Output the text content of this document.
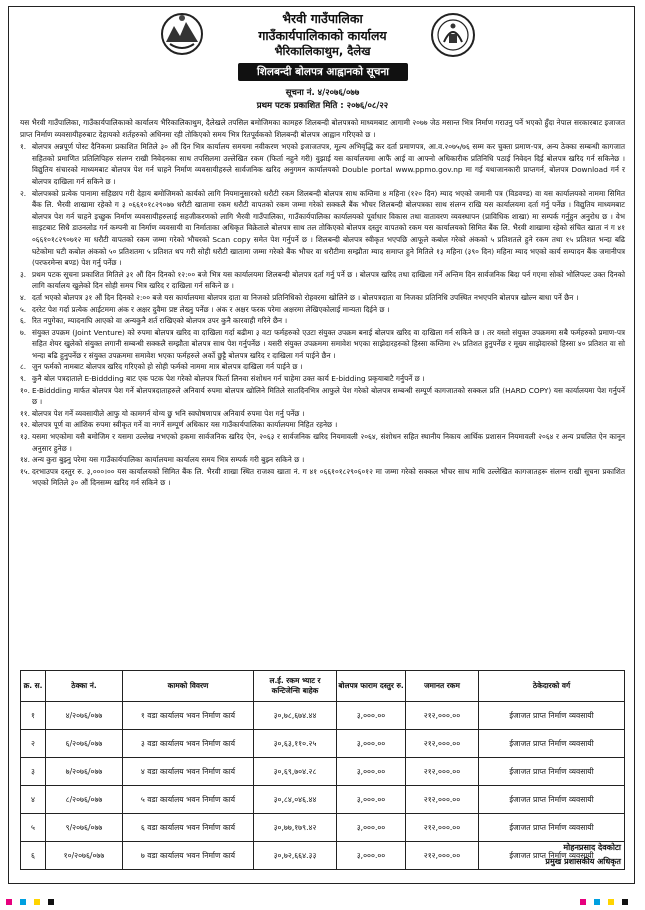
भैरवी गाउँपालिका
गाउँकार्यपालिकाको कार्यालय
भैरिकालिकाथुम, दैलेख
शिलबन्दी बोलपत्र आह्वानको सूचना
सूचना नं. ४/२०७६/०७७
प्रथम पटक प्रकाशित मिति : २०७६/०८/२२

यस भैरवी गाउँपालिका, गाउँकार्यपालिकाको कार्यालय भैरिकालिकाथुम, दैलेखले तपसिल बमोजिमका कामहरु शिलबन्दी बोलपत्रको माध्यमबाट आगामी २०७७ जेठ मसान्त भित्र निर्माण गराउनु पर्ने भएको हुँदा नेपाल सरकारबाट इजाजत प्राप्त निर्माण व्यवसायीहरुबाट देहायको शर्तहरुको अधिनमा रही तोकिएको समय भित्र रितपूर्वकको शिलबन्दी बोलपत्र आह्वान गरिएको छ ।

१. बोलपत्र अन्नपूर्ण पोस्ट दैनिकमा प्रकाशित मितिले ३० औं दिन भित्र कार्यालय समयमा नवीकरण भएको इजाजतपत्र, मूल्य अभिवृद्धि कर दर्ता प्रमाणपत्र, आ.व.२०७५/७६ सम्म कर चुक्ता प्रमाण-पत्र, अन्य ठेक्का सम्बन्धी कागजात सहितको प्रमाणित प्रतिलिपिहरु संलग्न राखी निवेदनका साथ तपसिलमा उल्लेखित रकम (फिर्ता नहुने गरी) वुझाई यस कार्यालयमा आफैं आई वा आफ्नो अधिकारीक प्रतिनिधि पठाई निवेदन दिई बोलपत्र खरिद गर्न सकिनेछ । विद्युतिय संचारको माध्यमबाट बोलपत्र पेश गर्न चाहने निर्माण व्यवसायीहरुले सार्वजनिक खरिद अनुगमन कार्यालयको Double portal www.ppmo.gov.np मा गई यथाजानकारी प्राप्तगर्न, बोलपत्र Download गर्न र बोलपत्र दाखिला गर्न सकिने छ ।
२. बोलपत्रको प्रत्येक पानामा सहिछाप गरी देहाय बमोजिमको कार्यको लागि नियमानुसारको धरौटी रकम शिलबन्दी बोलपत्र साथ कम्तिमा ४ महिना (१२० दिन) म्याद भएको जमानी पत्र (विडवण्ड) वा यस कार्यालयको नाममा सिमित बैंक लि. भैरवी शाखामा रहेको ग ३ ०६६१०१८२९०७७ धरौटी खातामा रकम धरौटी वापतको रकम जम्मा गरेको सक्कलै बैंक भौचर शिलबन्दी बोलपत्रका साथ संलग्न राखि यस कार्यालयमा दर्ता गर्नु पर्नेछ । विद्युतिय माध्यमबाट बोलपत्र पेश गर्न चाहने इच्छुक निर्माण व्यवसायीहरुलाई सहजीकरणको लागि भैरवी गाउँपालिका, गाउँकार्यपालिका कार्यालयको पूर्वाधार विकास तथा वातावरण व्यवस्थापन (प्राविधिक शाखा) मा सम्पर्क गर्नुहुन अनुरोध छ । वेभ साइटबाट सिधै डाउनलोड गर्न कम्पनी वा निर्माण व्यवसायी वा निर्माताका अधिकृत विक्रेताले बोलपत्र साथ तल तोकिएको बोलपत्र दस्तुर वापतको रकम यस कार्यालयको सिमित बैंक लि. भैरवी शाखामा रहेको संचित खाता नं ग ४१ ०६६१०१८२९०७१२ मा धरौटी वापतको रकम जम्मा गरेको भौचरको Scan copy समेत पेश गर्नुपर्ने छ । शिलबन्दी बोलपत्र स्वीकृत भएपछि आफूले कबोल गरेको अंकको ५ प्रतिशतले हुने रकम तथा १५ प्रतिशत भन्दा बढि घटेकोमा घटी कबोल अंकको ५० प्रतिशतमा ५ प्रतिशत थप गरी सोही धरौटी खातामा जम्मा गरेको बैंक भौचर वा धरौटीमा सम्झौता म्याद समाप्त हुने मितिले १३ महिना (३९० दिन) महिना म्याद भएको कार्य सम्पादन बैंक जमानीपत्र (परफरमेन्स बण्ड) पेश गर्नु पर्नेछ ।
३. प्रथम पटक सूचना प्रकाशित मितिले ३१ औं दिन दिनको १२:०० बजे भित्र यस कार्यालयमा शिलबन्दी बोलपत्र दर्ता गर्नु पर्ने छ । बोलपत्र खरिद तथा दाखिला गर्ने अन्तिम दिन सार्वजनिक बिदा पर्न गएमा सोको भोलिपल्ट उक्त दिनको लागि कार्यालय खुलेको दिन सोही समय भित्र खरिद र दाखिला गर्न सकिने छ ।
४. दर्ता भएको बोलपत्र ३१ औं दिन दिनको २:०० बजे यस कार्यालयमा बोलपत्र दाता वा निजको प्रतिनिधिको रोहवरमा खोलिने छ । बोलपत्रदाता वा निजका प्रतिनिधि उपस्थित नभएपनि बोलपत्र खोल्न बाधा पर्ने छैन ।
५. दररेट पेश गर्दा प्रत्येक आईटममा अंक र अक्षर दुवैमा प्रष्ट लेख्नु पर्नेछ । अंक र अक्षर फरक परेमा अक्षरमा लेखिएकोलाई मान्यता दिईने छ ।
६. रित नपुगेका, म्यादनाघि आएको वा अन्यकुनै शर्त राखिएको बोलपत्र उपर कुनै कारवाही गरिने छैन ।
७. संयुक्त उपक्रम (Joint Venture) को रुपमा बोलपत्र खरिद वा दाखिला गर्दा बढीमा ३ वटा फर्महरुको एउटा संयुक्त उपक्रम बनाई बोलपत्र खरिद वा दाखिला गर्न सकिने छ । तर यस्तो संयुक्त उपक्रममा सबै फर्महरुको प्रमाण-पत्र सहित शेयर खुलेको संयुक्त लगानी सम्बन्धी सक्कलै सम्झौता बोलपत्र साथ पेश गर्नुपर्नेछ । यसरी संयुक्त उपक्रममा समावेश भएका साझेदारहरुको हिस्सा कम्तिमा २५ प्रतिशत हुनुपर्नेछ र मूख्य साझेदारको हिस्सा ४० प्रतिशत वा सो भन्दा बढि हुनुपर्नेछ र संयुक्त उपक्रममा समावेश भएका फर्महरुले अर्को छुट्टै बोलपत्र खरिद र दाखिला गर्न पाईने छैन ।
८. जुन फर्मको नामबाट बोलपत्र खरिद गरिएको हो सोही फर्मको नाममा मात्र बोलपत्र दाखिला गर्न पाईने छ ।
९. कुनै बोल पत्रदाताले E-Biddding बाट एक पटक पेश गरेको बोलपत्र फिर्ता लिनवा संशोधन गर्न चाहेमा उक्त कार्य E-bidding प्रकृयाबाटै गर्नुपर्ने छ ।
१०. E-Biddding मार्फत बोलपत्र पेश गर्ने बोलपत्रदाताहरुले अनिवार्य रुपमा बोलपत्र खोलिने मितिले सातदिनभित्र आफुले पेश गरेको बोलपत्र सम्बन्धी सम्पूर्ण कागजातको सक्कल प्रति (HARD COPY) यस कार्यालयमा पेश गर्नुपर्ने छ ।
११. बोलपत्र पेश गर्ने व्यवसायीले आफु यो कामगर्न योग्य छु भनि स्वघोषणापत्र अनिवार्य रुपमा पेश गर्नु पर्नेछ ।
१२. बोलपत्र पूर्ण वा आंशिक रुपमा स्वीकृत गर्ने वा नगर्ने सम्पूर्ण अधिकार यस गाउँकार्यपालिका कार्यालयमा निहित रहनेछ ।
१३. यसमा भएकोमा यसै बमोजिम र यसमा उल्लेख नभएको हकमा सार्वजनिक खरिद ऐन, २०६३ र सार्वजनिक खरिद नियमावली २०६४, संशोधन सहित स्थानीय निकाय आर्थिक प्रशासन नियमावली २०६४ र अन्य प्रचलित ऐन कानून अनुसार हुनेछ ।
१४. अन्य कुरा बुझ्नु परेमा यस गाउँकार्यपालिका कार्यालयमा कार्यालय समय भित्र सम्पर्क गरी बुझ्न सकिने छ ।
१५. दरभाउपत्र दस्तुर रु. ३,०००।०० यस कार्यालयको सिमित बैंक लि. भैरवी शाखा स्थित राजश्व खाता नं. ग ४१ ०६६१०१८२९०६०१२ मा जम्मा गरेको सक्कल भौचर साथ माथि उल्लेखित कागजातहरू संलग्न राखी सूचना प्रकाशित भएको मितिले ३० औं दिनसम्म खरिद गर्न सकिने छ ।
क्र. स.	ठेक्का नं.	कामको विवरण	ल.ई. रकम भ्याट र कन्टिजेन्सि बाहेक	बोलपत्र फाराम दस्तुर रु.	जमानत रकम	ठेकेदारको वर्ग
१	४/२०७६/०७७	१ वडा कार्यालय भवन निर्माण कार्य	३०,७८,६७४.४४	३,०००.००	२१२,०००.००	ईजाजत प्राप्त निर्माण व्यवसायी
२	६/२०७६/०७७	३ वडा कार्यालय भवन निर्माण कार्य	३०,६३,११०.२५	३,०००.००	२१२,०००.००	ईजाजत प्राप्त निर्माण व्यवसायी
३	७/२०७६/०७७	४ वडा कार्यालय भवन निर्माण कार्य	३०,६९,७०४.२८	३,०००.००	२१२,०००.००	ईजाजत प्राप्त निर्माण व्यवसायी
४	८/२०७६/०७७	५ वडा कार्यालय भवन निर्माण कार्य	३०,८४,०४६.४४	३,०००.००	२१२,०००.००	ईजाजत प्राप्त निर्माण व्यवसायी
५	९/२०७६/०७७	६ वडा कार्यालय भवन निर्माण कार्य	३०,७७,१७९.४२	३,०००.००	२१२,०००.००	ईजाजत प्राप्त निर्माण व्यवसायी
६	१०/२०७६/०७७	७ वडा कार्यालय भवन निर्माण कार्य	३०,७२,६६४.३३	३,०००.००	२१२,०००.००	ईजाजत प्राप्त निर्माण व्यवसायी
मोहनप्रसाद देवकोटा
प्रमुख प्रशासकीय अधिकृत
